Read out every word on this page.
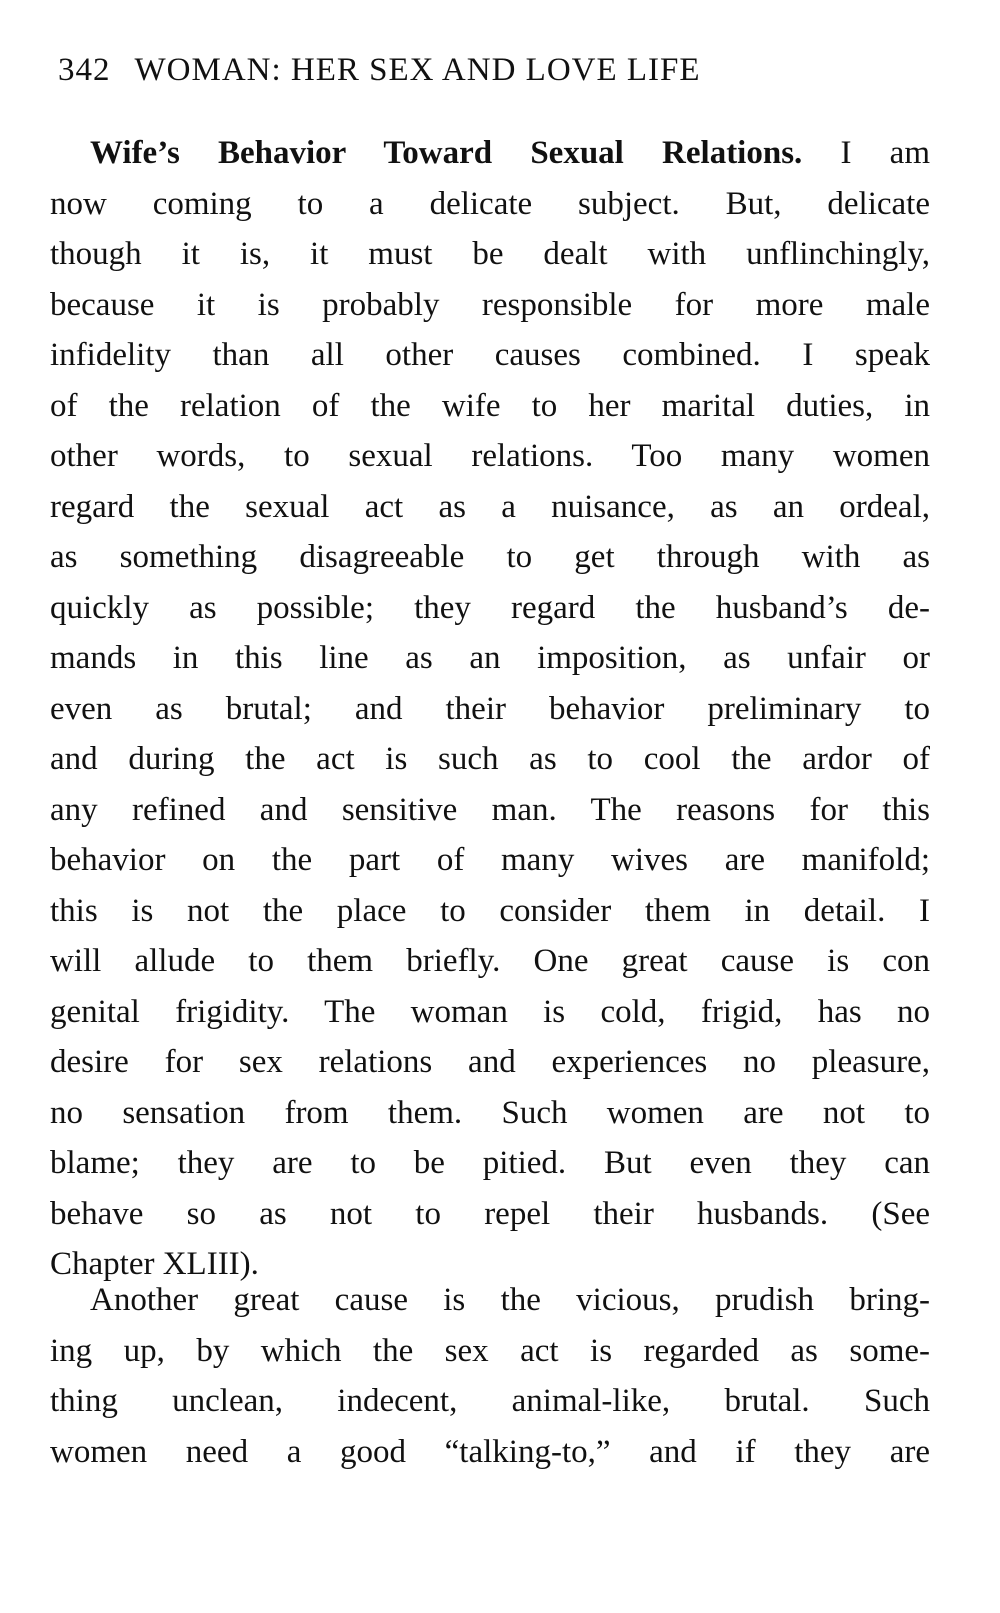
342 WOMAN: HER SEX AND LOVE LIFE
Wife’s Behavior Toward Sexual Relations. I am
now coming to a delicate subject. But, delicate
though it is, it must be dealt with unflinchingly,
because it is probably responsible for more male
infidelity than all other causes combined. I speak
of the relation of the wife to her marital duties, in
other words, to sexual relations. Too many women
regard the sexual act as a nuisance, as an ordeal,
as something disagreeable to get through with as
quickly as possible; they regard the husband’s de-
mands in this line as an imposition, as unfair or
even as brutal; and their behavior preliminary to
and during the act is such as to cool the ardor of
any refined and sensitive man. The reasons for this
behavior on the part of many wives are manifold;
this is not the place to consider them in detail. I
will allude to them briefly. One great cause is con
genital frigidity. The woman is cold, frigid, has no
desire for sex relations and experiences no pleasure,
no sensation from them. Such women are not to
blame; they are to be pitied. But even they can
behave so as not to repel their husbands. (See
Chapter XLIII).
Another great cause is the vicious, prudish bring-
ing up, by which the sex act is regarded as some-
thing unclean, indecent, animal-like, brutal. Such
women need a good “talking-to,” and if they are
